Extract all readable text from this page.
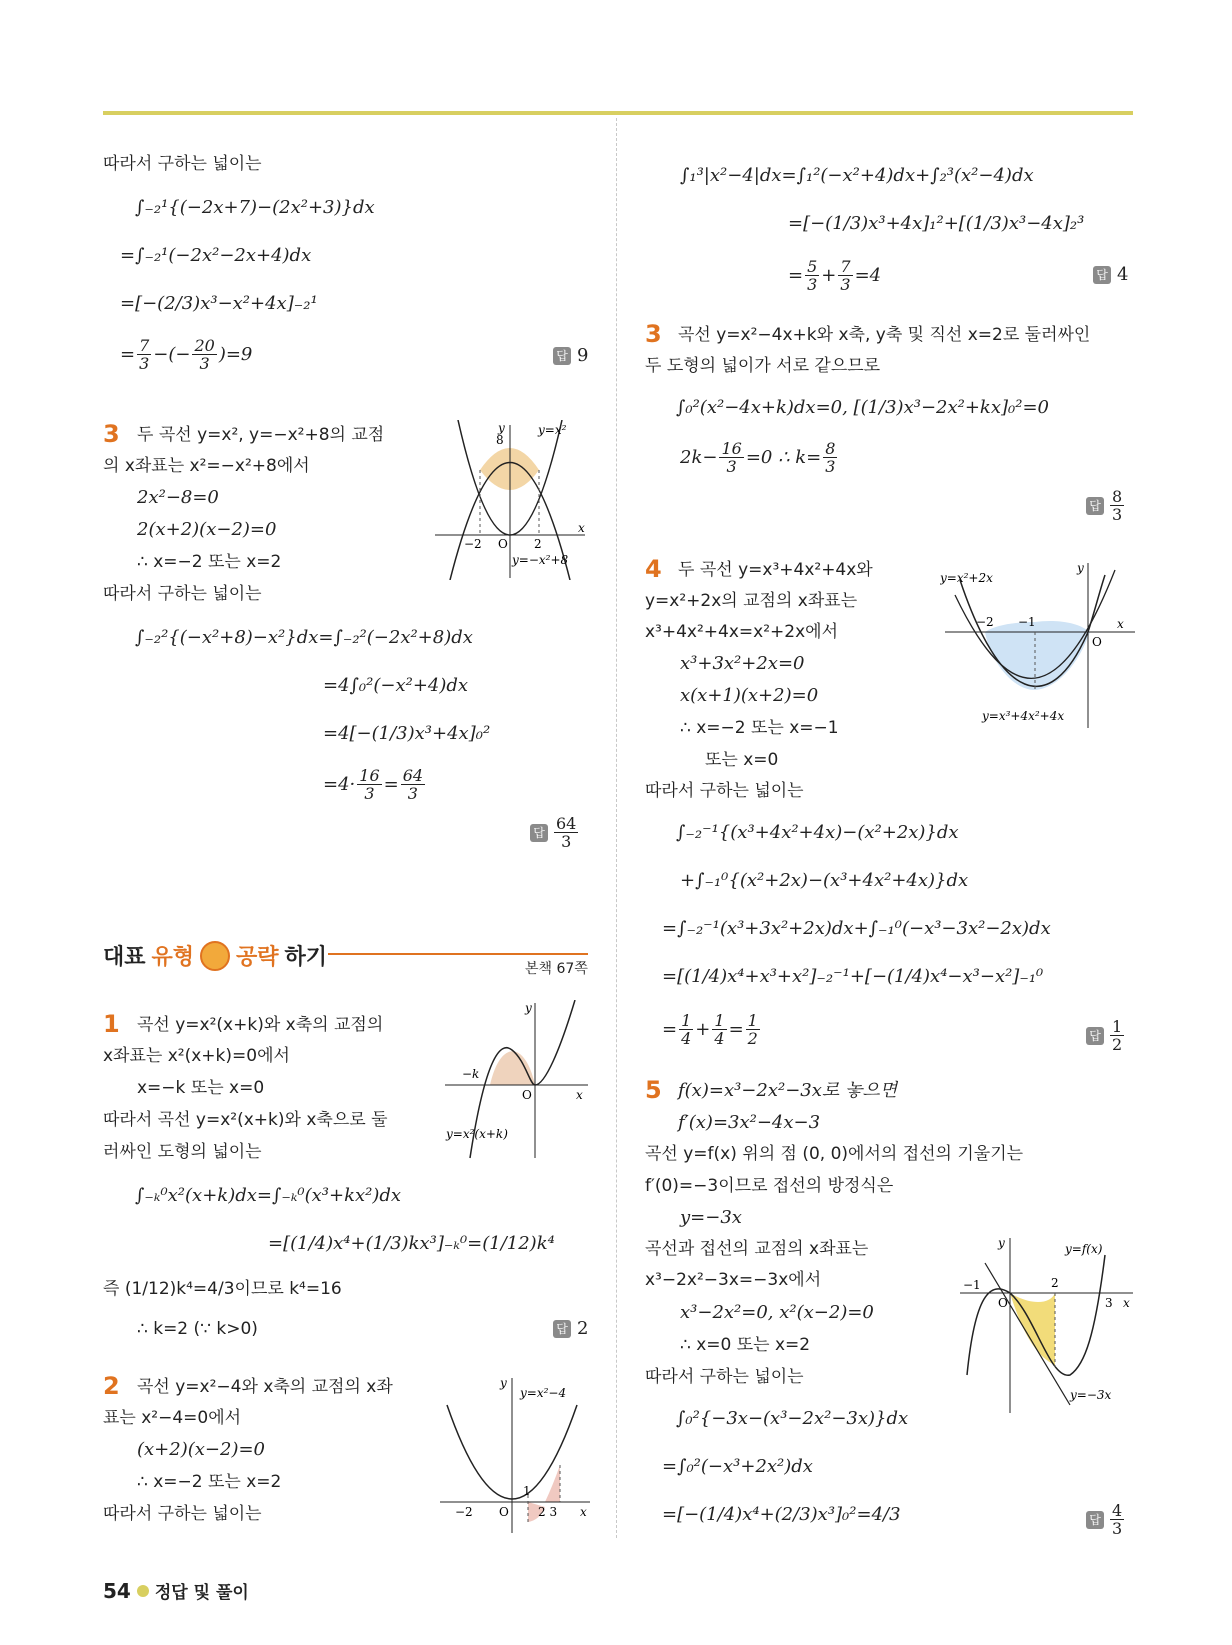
따라서 구하는 넓이는
∫₋₂¹{(−2x+7)−(2x²+3)}dx
=∫₋₂¹(−2x²−2x+4)dx
=[−(2/3)x³−x²+4x]₋₂¹
= $\frac{7}{3}$ −(− $\frac{20}{3} )=9$	답 9
3 두 곡선 y=x², y=−x²+8의 교점
의 x좌표는 x²=−x²+8에서
2x²−8=0
2(x+2)(x−2)=0
∴ x=−2 또는 x=2
따라서 구하는 넓이는
∫₋₂²{(−x²+8)−x²}dx=∫₋₂²(−2x²+8)dx
=4∫₀²(−x²+4)dx
=4[−(1/3)x³+4x]₀²
$=4\cdot \frac{16}{3} = \frac{64}{3}$
답 $\frac{64}{3}$
y
x
y=x²
y=−x²+8
8
−2 O 2
대표 유형 공략 하기	본책 67쪽
1 곡선 y=x²(x+k)와 x축의 교점의
x좌표는 x²(x+k)=0에서
x=−k 또는 x=0
따라서 곡선 y=x²(x+k)와 x축으로 둘
러싸인 도형의 넓이는
∫₋ₖ⁰x²(x+k)dx=∫₋ₖ⁰(x³+kx²)dx
=[(1/4)x⁴+(1/3)kx³]₋ₖ⁰=(1/12)k⁴
즉 (1/12)k⁴=4/3이므로 k⁴=16
∴ k=2 (∵ k>0)	답 2
y
x
−k
O
y=x²(x+k)
2 곡선 y=x²−4와 x축의 교점의 x좌
표는 x²−4=0에서
(x+2)(x−2)=0
∴ x=−2 또는 x=2
따라서 구하는 넓이는
y
x
y=x²−4
−2 O
1
2 3
∫₁³|x²−4|dx=∫₁²(−x²+4)dx+∫₂³(x²−4)dx
=[−(1/3)x³+4x]₁²+[(1/3)x³−4x]₂³
= $\frac{5}{3} + \frac{7}{3} =4$	답 4
3 곡선 y=x²−4x+k와 x축, y축 및 직선 x=2로 둘러싸인
두 도형의 넓이가 서로 같으므로
∫₀²(x²−4x+k)dx=0, [(1/3)x³−2x²+kx]₀²=0
$2k- \frac{16}{3} =0$ ∴ $k= \frac{8}{3}$
답 $\frac{8}{3}$
4 두 곡선 y=x³+4x²+4x와
y=x²+2x의 교점의 x좌표는
x³+4x²+4x=x²+2x에서
x³+3x²+2x=0
x(x+1)(x+2)=0
∴ x=−2 또는 x=−1
또는 x=0
따라서 구하는 넓이는
∫₋₂⁻¹{(x³+4x²+4x)−(x²+2x)}dx
+∫₋₁⁰{(x²+2x)−(x³+4x²+4x)}dx
=∫₋₂⁻¹(x³+3x²+2x)dx+∫₋₁⁰(−x³−3x²−2x)dx
=[(1/4)x⁴+x³+x²]₋₂⁻¹+[−(1/4)x⁴−x³−x²]₋₁⁰
= $\frac{1}{4} + \frac{1}{4} = \frac{1}{2}$	답 $\frac{1}{2}$
y=x²+2x
y=x³+4x²+4x
y
x
−2 −1
O
5 f(x)=x³−2x²−3x로 놓으면
f′(x)=3x²−4x−3
곡선 y=f(x) 위의 점 (0, 0)에서의 접선의 기울기는
f′(0)=−3이므로 접선의 방정식은
y=−3x
곡선과 접선의 교점의 x좌표는
x³−2x²−3x=−3x에서
x³−2x²=0, x²(x−2)=0
∴ x=0 또는 x=2
따라서 구하는 넓이는
∫₀²{−3x−(x³−2x²−3x)}dx
=∫₀²(−x³+2x²)dx
=[−(1/4)x⁴+(2/3)x³]₀²=4/3	답 $\frac{4}{3}$
y
x
y=f(x)
y=−3x
−1
O
2
3
54 정답 및 풀이
